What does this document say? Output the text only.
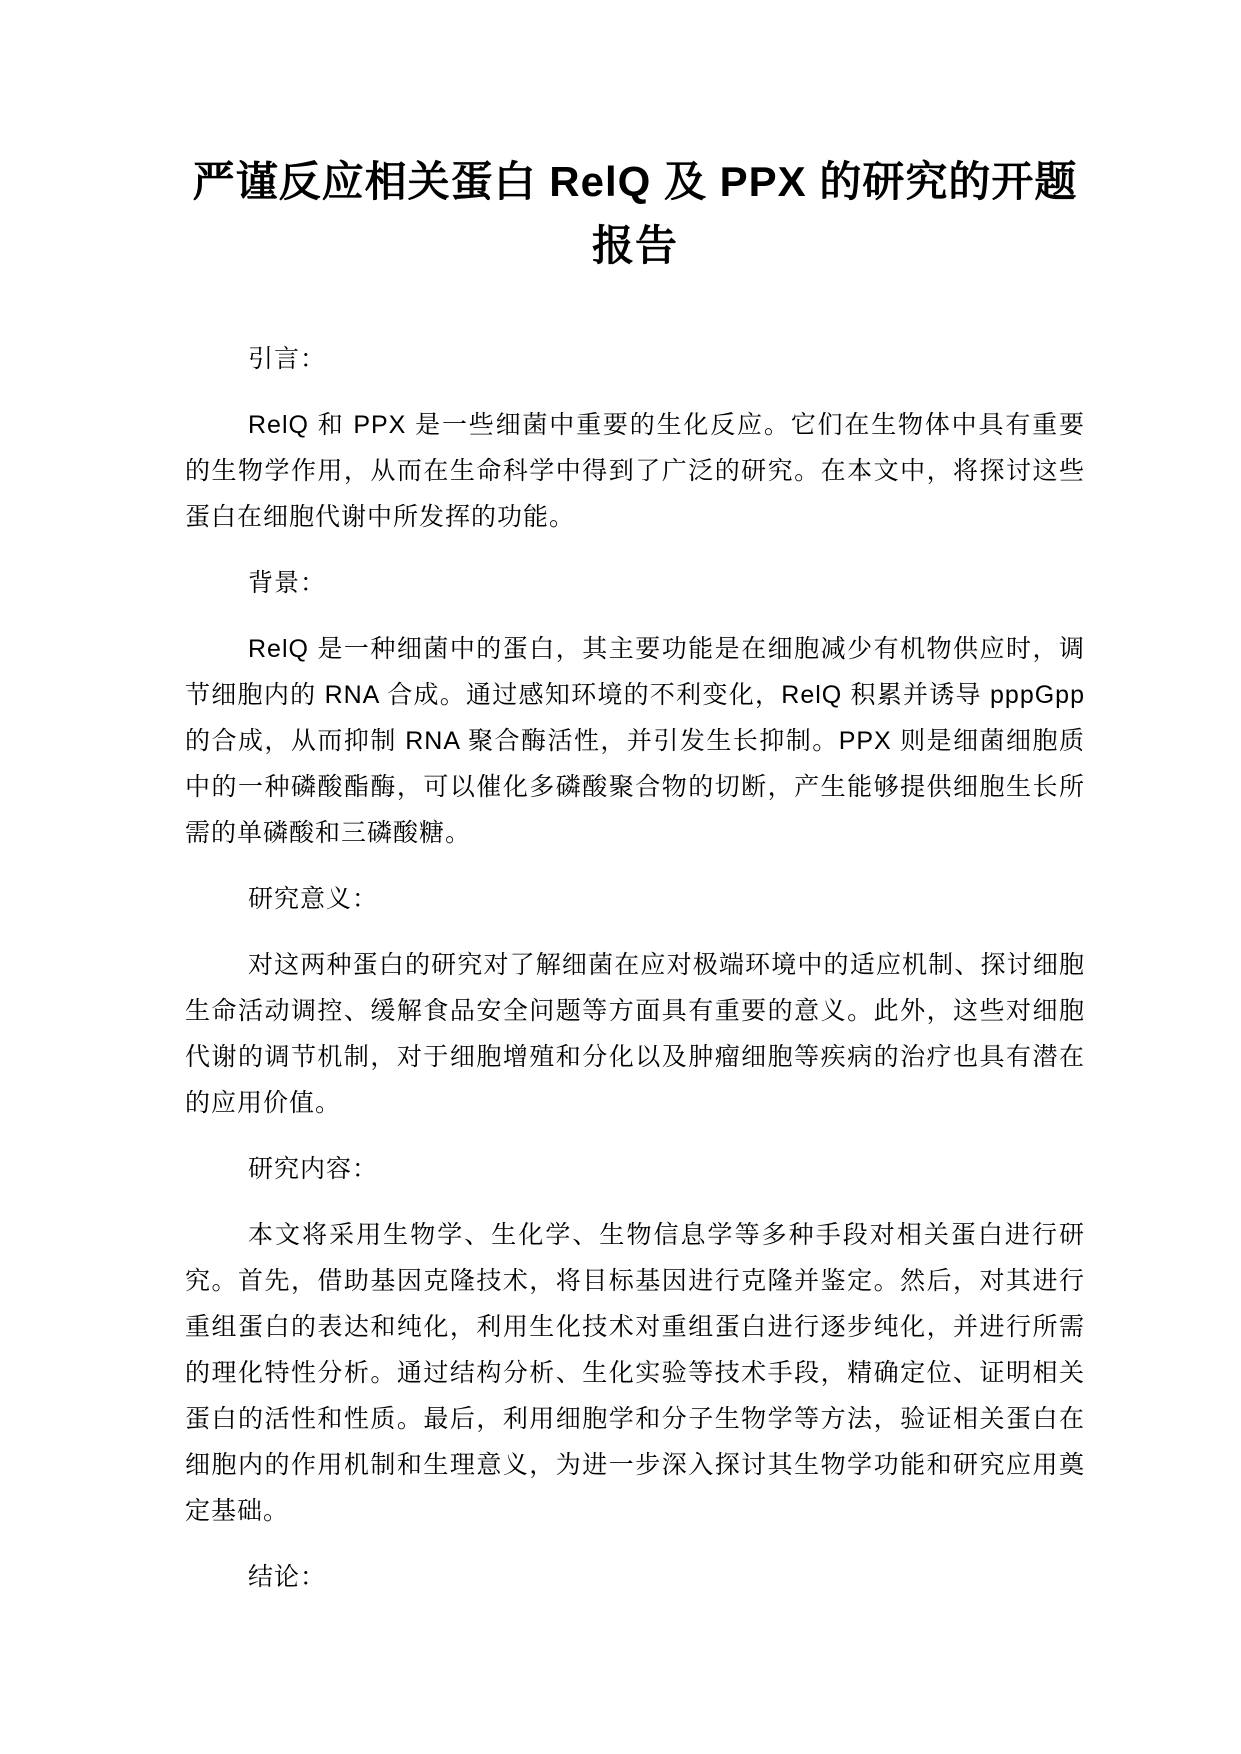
严谨反应相关蛋白 RelQ 及 PPX 的研究的开题报告

引言：

RelQ 和 PPX 是一些细菌中重要的生化反应。它们在生物体中具有重要的生物学作用，从而在生命科学中得到了广泛的研究。在本文中，将探讨这些蛋白在细胞代谢中所发挥的功能。

背景：

RelQ 是一种细菌中的蛋白，其主要功能是在细胞减少有机物供应时，调节细胞内的 RNA 合成。通过感知环境的不利变化，RelQ 积累并诱导 pppGpp 的合成，从而抑制 RNA 聚合酶活性，并引发生长抑制。PPX 则是细菌细胞质中的一种磷酸酯酶，可以催化多磷酸聚合物的切断，产生能够提供细胞生长所需的单磷酸和三磷酸糖。

研究意义：

对这两种蛋白的研究对了解细菌在应对极端环境中的适应机制、探讨细胞生命活动调控、缓解食品安全问题等方面具有重要的意义。此外，这些对细胞代谢的调节机制，对于细胞增殖和分化以及肿瘤细胞等疾病的治疗也具有潜在的应用价值。

研究内容：

本文将采用生物学、生化学、生物信息学等多种手段对相关蛋白进行研究。首先，借助基因克隆技术，将目标基因进行克隆并鉴定。然后，对其进行重组蛋白的表达和纯化，利用生化技术对重组蛋白进行逐步纯化，并进行所需的理化特性分析。通过结构分析、生化实验等技术手段，精确定位、证明相关蛋白的活性和性质。最后，利用细胞学和分子生物学等方法，验证相关蛋白在细胞内的作用机制和生理意义，为进一步深入探讨其生物学功能和研究应用奠定基础。

结论：
